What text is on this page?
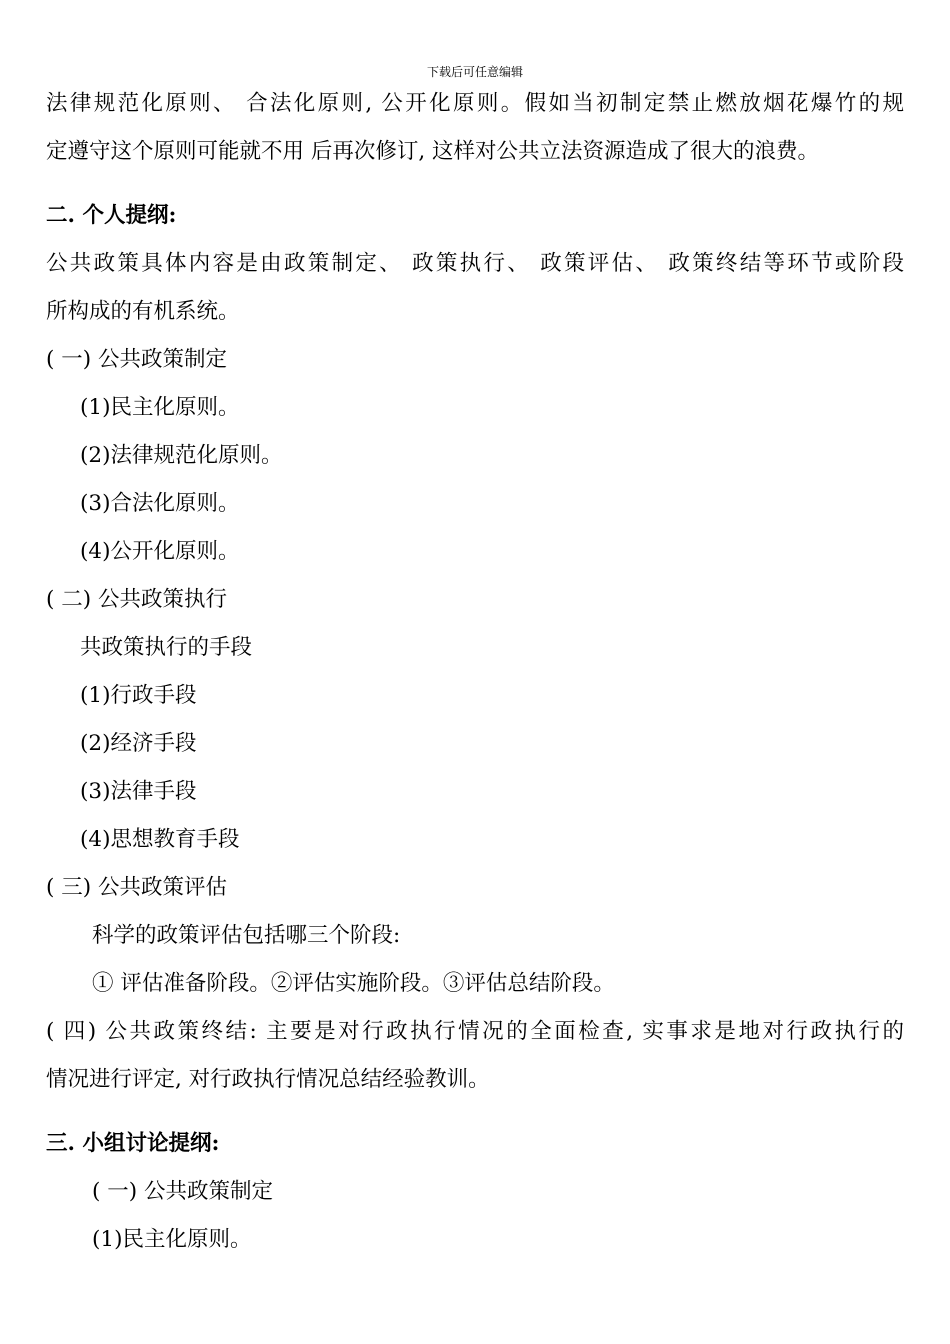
下载后可任意编辑
法律规范化原则、 合法化原则, 公开化原则。假如当初制定禁止燃放烟花爆竹的规
定遵守这个原则可能就不用 后再次修订, 这样对公共立法资源造成了很大的浪费。
二. 个人提纲:
公共政策具体内容是由政策制定、 政策执行、 政策评估、 政策终结等环节或阶段
所构成的有机系统。
( 一) 公共政策制定
(1)民主化原则。
(2)法律规范化原则。
(3)合法化原则。
(4)公开化原则。
( 二) 公共政策执行
共政策执行的手段
(1)行政手段
(2)经济手段
(3)法律手段
(4)思想教育手段
( 三) 公共政策评估
科学的政策评估包括哪三个阶段:
① 评估准备阶段。②评估实施阶段。③评估总结阶段。
( 四) 公共政策终结: 主要是对行政执行情况的全面检查, 实事求是地对行政执行的
情况进行评定, 对行政执行情况总结经验教训。
三. 小组讨论提纲:
( 一) 公共政策制定
(1)民主化原则。
